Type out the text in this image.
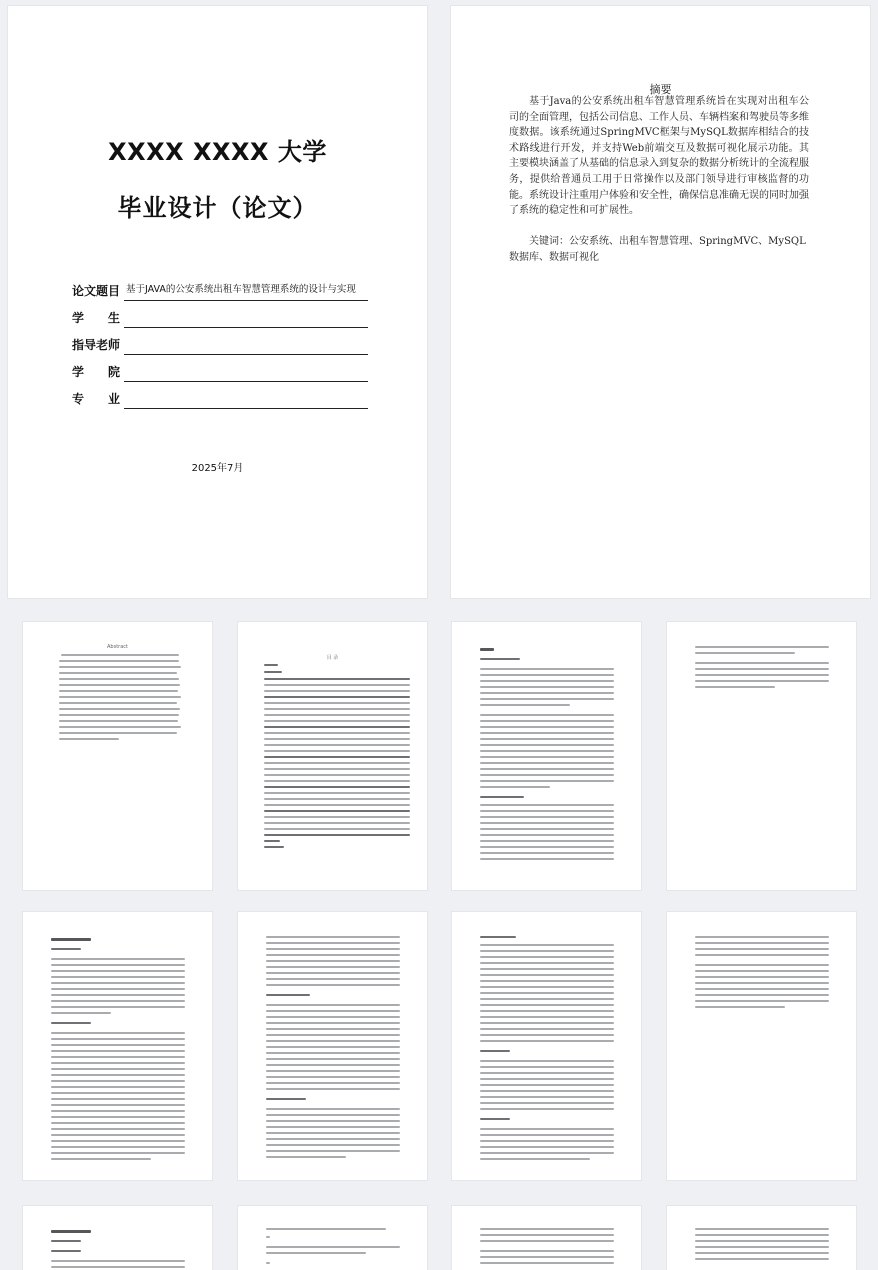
XXXX XXXX 大学
毕业设计（论文）
论文题目 基于JAVA的公安系统出租车智慧管理系统的设计与实现
学　　生
指导老师
学　　院
专　　业
2025年7月
摘要
基于Java的公安系统出租车智慧管理系统旨在实现对出租车公司的全面管理，包括公司信息、工作人员、车辆档案和驾驶员等多维度数据。该系统通过SpringMVC框架与MySQL数据库相结合的技术路线进行开发，并支持Web前端交互及数据可视化展示功能。其主要模块涵盖了从基础的信息录入到复杂的数据分析统计的全流程服务，提供给普通员工用于日常操作以及部门领导进行审核监督的功能。系统设计注重用户体验和安全性，确保信息准确无误的同时加强了系统的稳定性和可扩展性。
关键词：公安系统、出租车智慧管理、SpringMVC、MySQL数据库、数据可视化
Abstract
目 录
